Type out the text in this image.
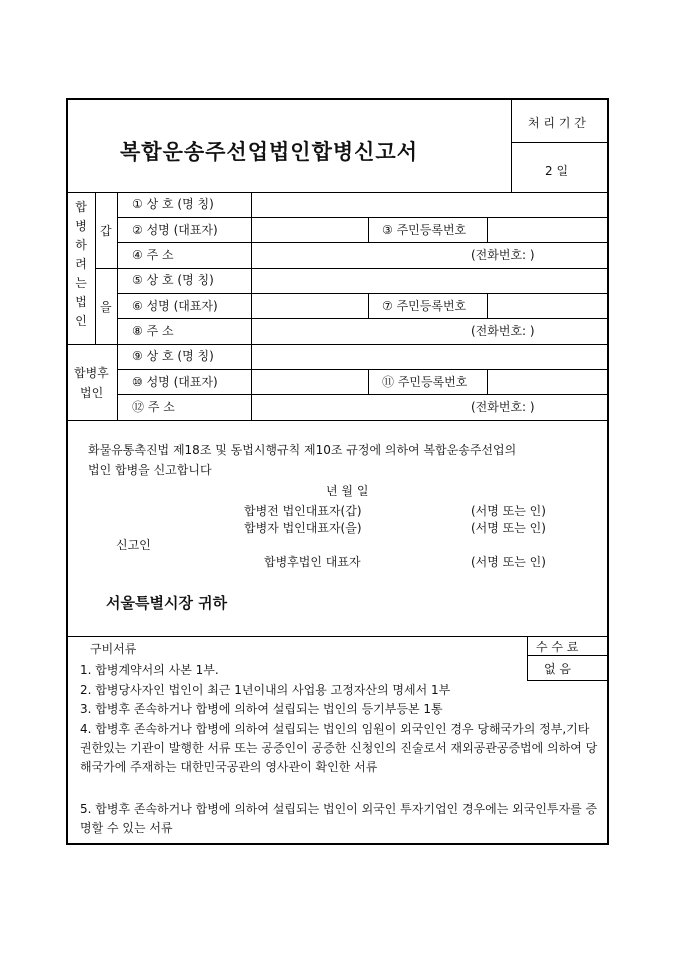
복합운송주선업법인합병신고서
처 리 기 간
2 일
합병하려는법인
갑
을
합병후
법인
① 상 호 (명 칭)
② 성명 (대표자)	③ 주민등록번호
④ 주 소	(전화번호: )
⑤ 상 호 (명 칭)
⑥ 성명 (대표자)	⑦ 주민등록번호
⑧ 주 소	(전화번호: )
⑨ 상 호 (명 칭)
⑩ 성명 (대표자)	⑪ 주민등록번호
⑫ 주 소	(전화번호: )
화물유통촉진법 제18조 및 동법시행규칙 제10조 규정에 의하여 복합운송주선업의
법인 합병을 신고합니다
년 월 일
합병전 법인대표자(갑)	(서명 또는 인)
합병자 법인대표자(을)	(서명 또는 인)
신고인
합병후법인 대표자	(서명 또는 인)
서울특별시장 귀하
수 수 료
없 음
구비서류
1. 합병계약서의 사본 1부.
2. 합병당사자인 법인이 최근 1년이내의 사업용 고정자산의 명세서 1부
3. 합병후 존속하거나 합병에 의하여 설립되는 법인의 등기부등본 1통
4. 합병후 존속하거나 합병에 의하여 설립되는 법인의 임원이 외국인인 경우 당해국가의 정부,기타 권한있는 기관이 발행한 서류 또는 공증인이 공증한 신청인의 진술로서 재외공관공증법에 의하여 당해국가에 주재하는 대한민국공관의 영사관이 확인한 서류
5. 합병후 존속하거나 합병에 의하여 설립되는 법인이 외국인 투자기업인 경우에는 외국인투자를 증명할 수 있는 서류
